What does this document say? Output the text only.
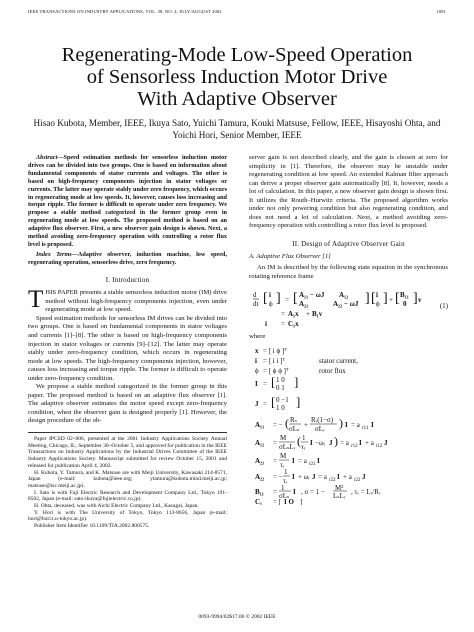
IEEE TRANSACTIONS ON INDUSTRY APPLICATIONS, VOL. 38, NO. 4, JULY/AUGUST 2002	1081
Regenerating-Mode Low-Speed Operation
of Sensorless Induction Motor Drive
With Adaptive Observer
Hisao Kubota, Member, IEEE, Ikuya Sato, Yuichi Tamura, Kouki Matsuse, Fellow, IEEE, Hisayoshi Ohta, and
Yoichi Hori, Senior Member, IEEE

Abstract—Speed estimation methods for sensorless induction motor drives can be divided into two groups. One is based on information about fundamental components of stator currents and voltages. The other is based on high-frequency components injection in stator voltages or currents. The latter may operate stably under zero frequency, which occurs in regenerating mode at low speeds. It, however, causes loss increasing and torque ripple. The former is difficult to operate under zero frequency. We propose a stable method categorized in the former group even in regenerating mode at low speeds. The proposed method is based on an adaptive flux observer. First, a new observer gain design is shown. Next, a method avoiding zero-frequency operation with controlling a rotor flux level is proposed.

Index Terms—Adaptive observer, induction machine, low speed, regenerating operation, sensorless drive, zero frequency.

I. Introduction

THIS PAPER presents a stable sensorless induction motor (IM) drive method without high-frequency components injection, even under regenerating mode at low speed.

Speed estimation methods for sensorless IM drives can be divided into two groups. One is based on fundamental components in stator voltages and currents [1]–[8]. The other is based on high-frequency components injection in stator voltages or currents [9]–[12]. The latter may operate stably under zero-frequency condition, which occurs in regenerating mode at low speeds. The high-frequency components injection, however, causes loss increasing and torque ripple. The former is difficult to operate under zero-frequency condition.

We propose a stable method categorized in the former group in this paper. The proposed method is based on an adaptive flux observer [1]. The adaptive observer estimates the motor speed except zero-frequency condition, when the observer gain is designed properly [1]. However, the design procedure of the ob-

Paper IPCSD 02–006, presented at the 2001 Industry Applications Society Annual Meeting, Chicago, IL, September 30–October 5, and approved for publication in the IEEE Transactions on Industry Applications by the Industrial Drives Committee of the IEEE Industry Applications Society. Manuscript submitted for review October 15, 2001 and released for publication April 4, 2002.

H. Kubota, Y. Tamura, and K. Matsuse are with Meiji University, Kawasaki 214-8571, Japan (e-mail: kubota@ieee.org; ytamura@kubota.mind.meiji.ac.jp; matsuse@isc.meiji.ac.jp).

I. Sato is with Fuji Electric Research and Development Company Ltd., Tokyo 191-8502, Japan (e-mail: sato-ikuya@fujielectric.co.jp).

H. Ohta, deceased, was with Aichi Electric Company Ltd., Kasugai, Japan.

Y. Hori is with The University of Tokyo, Tokyo 113-8656, Japan (e-mail: hori@hori.t.u-tokyo.ac.jp).

Publisher Item Identifier 10.1109/TIA.2002.800575.

server gain is not described clearly, and the gain is chosen at zero for simplicity in [1]. Therefore, the observer may be unstable under regenerating condition at low speed. An extended Kalman filter approach can derive a proper observer gain automatically [8]. It, however, needs a lot of calculation. In this paper, a new observer gain design is shown first. It utilizes the Routh–Hurwitz criteria. The proposed algorithm works under not only powering condition but also regenerating condition, and does not need a lot of calculation. Next, a method avoiding zero-frequency operation with controlling a rotor flux level is proposed.

II. Design of Adaptive Observer Gain
A. Adaptive Flux Observer [1]

An IM is described by the following state equation in the synchronous rotating reference frame

d
dt [ i
ϕ ] = [ A₁₁ − ωJ A₁₂
A₂₁	A₂₂ − ωJ ] [ i
ϕ ] + [ B₁₁
0 ] v
= A₁x + B₁v
i = C₁x
(1)

where

x = [ i ϕ ]ᵀ
i = [ i i ]ᵀ
ϕ = [ ϕ ϕ ]ᵀ
I = [ 1 0
0 1 ]
J = [ 0 −1
1 0 ]
A₁₁ = − ( Rₛ
σLₛ +
Rᵣ(1−σ)
σLᵣ ) I = a r11 I
A₁₂ =
M
σLₛLᵣ ( 1
τᵣ I −ωᵣ J ) = a r12 I + a i12 J
A₂₁ =
M
τᵣ I = a r21 I
A₂₂ = −
1
τᵣ I + ωᵣ J = a r22 I + a i22 J
B₁₁ = 1
σLₛ I , σ = 1 − M²
LₛLᵣ , τᵣ = Lᵣ/Rᵣ
C₁ = [ I O ]
stator current,
rotor flux
0093-9994/02$17.00 © 2002 IEEE
